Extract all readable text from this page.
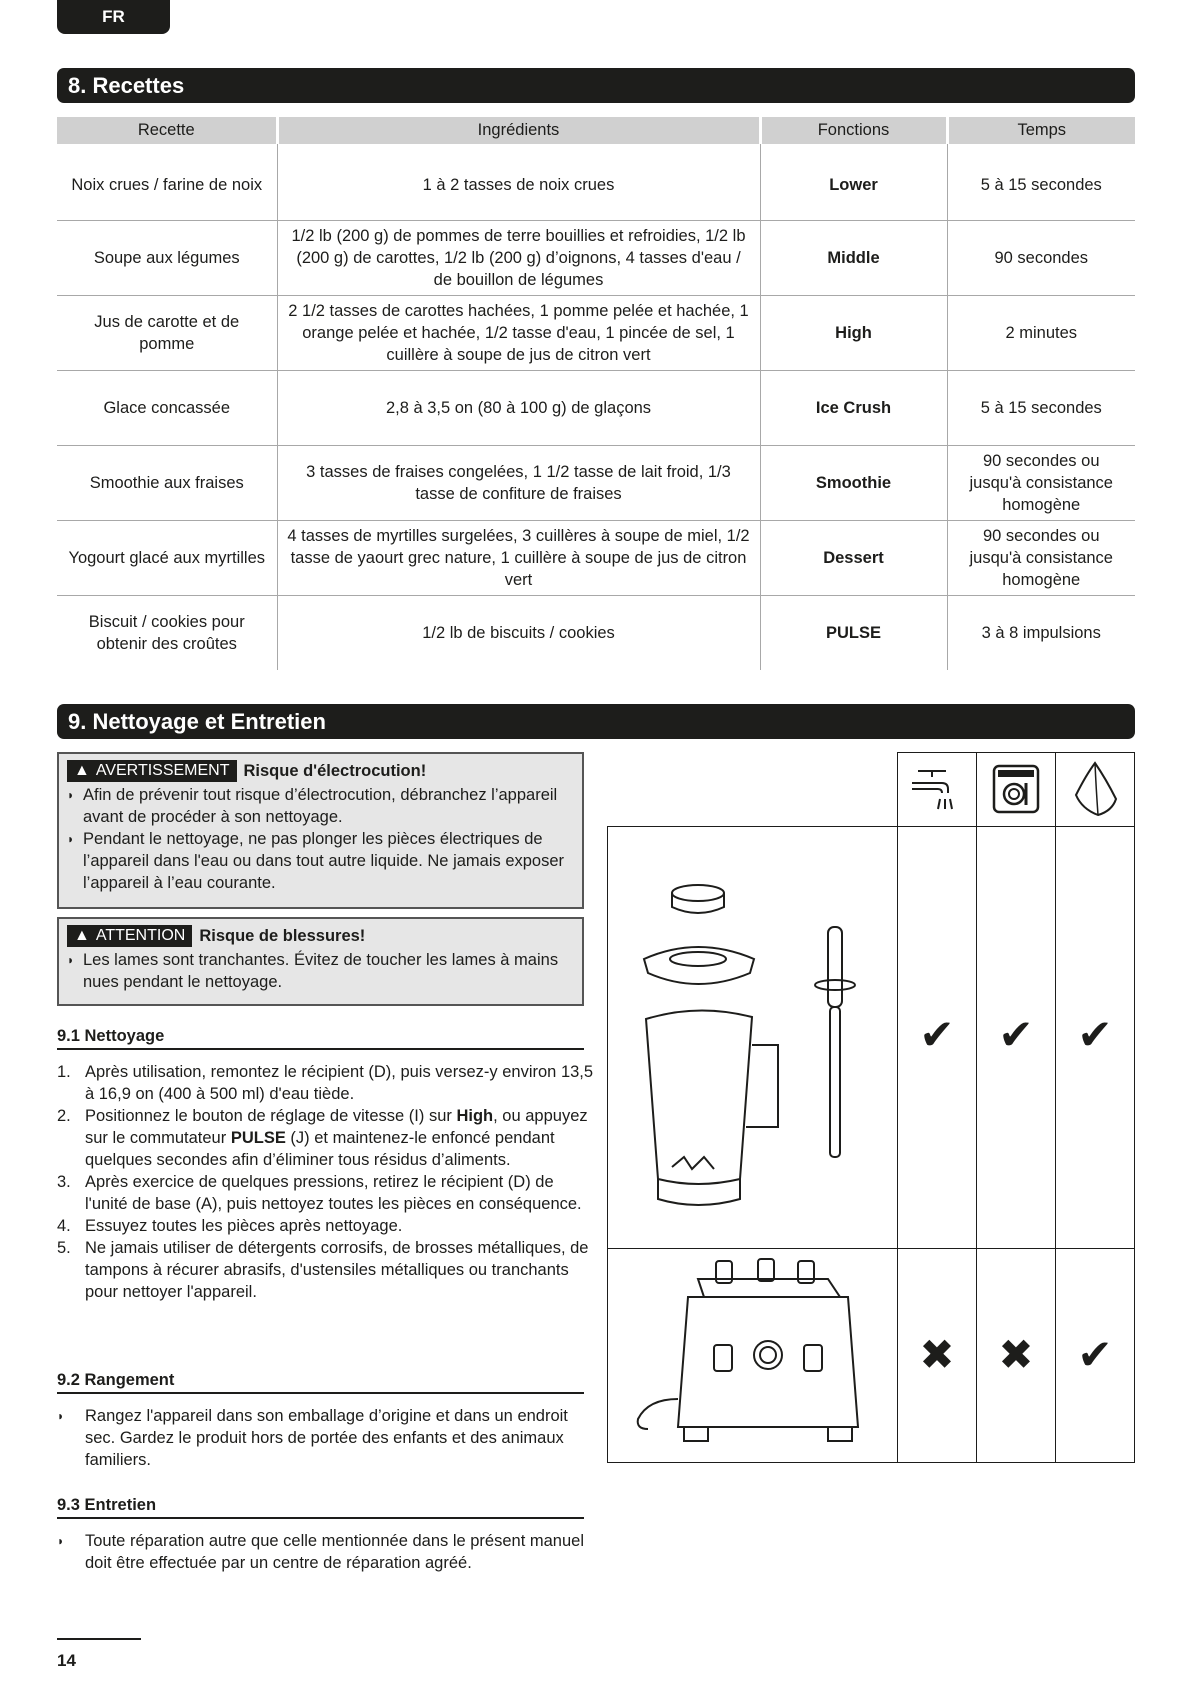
FR
8. Recettes
Recette	Ingrédients	Fonctions	Temps

Noix crues / farine de noix	1 à 2 tasses de noix crues	Lower	5 à 15 secondes
Soupe aux légumes	1/2 lb (200 g) de pommes de terre bouillies et refroidies, 1/2 lb (200 g) de carottes, 1/2 lb (200 g) d’oignons, 4 tasses d'eau / de bouillon de légumes	Middle	90 secondes
Jus de carotte et de pomme	2 1/2 tasses de carottes hachées, 1 pomme pelée et hachée, 1 orange pelée et hachée, 1/2 tasse d'eau, 1 pincée de sel, 1 cuillère à soupe de jus de citron vert	High	2 minutes
Glace concassée	2,8 à 3,5 on (80 à 100 g) de glaçons	Ice Crush	5 à 15 secondes
Smoothie aux fraises	3 tasses de fraises congelées, 1 1/2 tasse de lait froid, 1/3 tasse de confiture de fraises	Smoothie	90 secondes ou jusqu'à consistance homogène
Yogourt glacé aux myrtilles	4 tasses de myrtilles surgelées, 3 cuillères à soupe de miel, 1/2 tasse de yaourt grec nature, 1 cuillère à soupe de jus de citron vert	Dessert	90 secondes ou jusqu'à consistance homogène
Biscuit / cookies pour obtenir des croûtes	1/2 lb de biscuits / cookies	PULSE	3 à 8 impulsions
9. Nettoyage et Entretien
▲ AVERTISSEMENT Risque d'électrocution!
◗ Afin de prévenir tout risque d’électrocution, débranchez l’appareil avant de procéder à son nettoyage.
◗ Pendant le nettoyage, ne pas plonger les pièces électriques de l’appareil dans l'eau ou dans tout autre liquide. Ne jamais exposer l’appareil à l’eau courante.
▲ ATTENTION Risque de blessures!
◗ Les lames sont tranchantes. Évitez de toucher les lames à mains nues pendant le nettoyage.
9.1 Nettoyage
1. Après utilisation, remontez le récipient (D), puis versez-y environ 13,5 à 16,9 on (400 à 500 ml) d'eau tiède.
2. Positionnez le bouton de réglage de vitesse (I) sur High, ou appuyez sur le commutateur PULSE (J) et maintenez-le enfoncé pendant quelques secondes afin d’éliminer tous résidus d’aliments.
3. Après exercice de quelques pressions, retirez le récipient (D) de l'unité de base (A), puis nettoyez toutes les pièces en conséquence.
4. Essuyez toutes les pièces après nettoyage.
5. Ne jamais utiliser de détergents corrosifs, de brosses métalliques, de tampons à récurer abrasifs, d'ustensiles métalliques ou tranchants pour nettoyer l'appareil.
9.2 Rangement
◗ Rangez l'appareil dans son emballage d’origine et dans un endroit sec. Gardez le produit hors de portée des enfants et des animaux familiers.
9.3 Entretien
◗ Toute réparation autre que celle mentionnée dans le présent manuel doit être effectuée par un centre de réparation agréé.
✔	✔	✔
✖	✖	✔
14
